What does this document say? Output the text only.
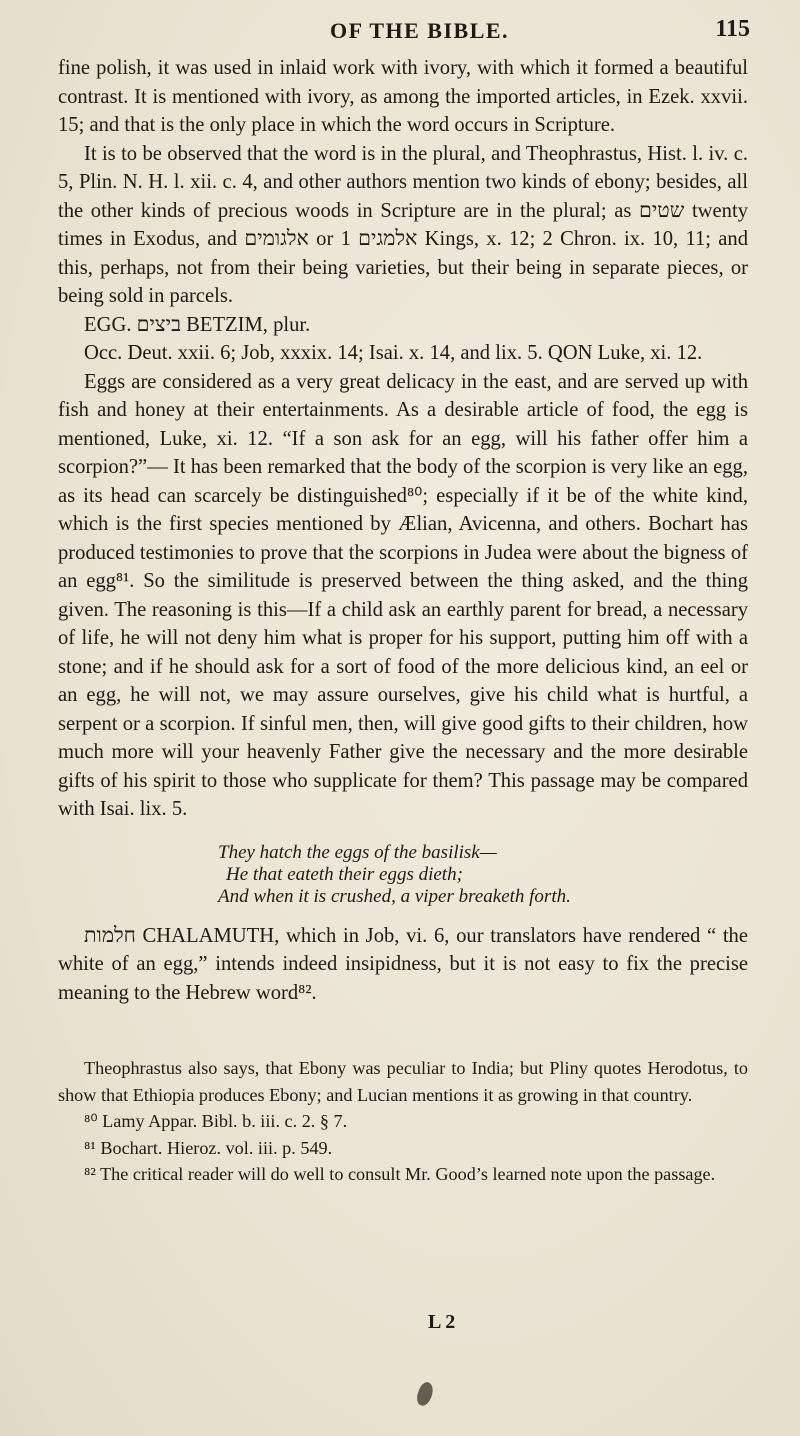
OF THE BIBLE.	115

fine polish, it was used in inlaid work with ivory, with which it formed a beautiful contrast. It is mentioned with ivory, as among the imported articles, in Ezek. xxvii. 15; and that is the only place in which the word occurs in Scripture.

It is to be observed that the word is in the plural, and Theophrastus, Hist. l. iv. c. 5, Plin. N. H. l. xii. c. 4, and other authors mention two kinds of ebony; besides, all the other kinds of precious woods in Scripture are in the plural; as שטים twenty times in Exodus, and אלגומים or אלמגים 1 Kings, x. 12; 2 Chron. ix. 10, 11; and this, perhaps, not from their being varieties, but their being in separate pieces, or being sold in parcels.

EGG. ביצים BETZIM, plur.

Occ. Deut. xxii. 6; Job, xxxix. 14; Isai. x. 14, and lix. 5. QON Luke, xi. 12.

Eggs are considered as a very great delicacy in the east, and are served up with fish and honey at their entertainments. As a desirable article of food, the egg is mentioned, Luke, xi. 12. “If a son ask for an egg, will his father offer him a scorpion?”— It has been remarked that the body of the scorpion is very like an egg, as its head can scarcely be distinguished⁸⁰; especially if it be of the white kind, which is the first species mentioned by Ælian, Avicenna, and others. Bochart has produced testimonies to prove that the scorpions in Judea were about the bigness of an egg⁸¹. So the similitude is preserved between the thing asked, and the thing given. The reasoning is this—If a child ask an earthly parent for bread, a necessary of life, he will not deny him what is proper for his support, putting him off with a stone; and if he should ask for a sort of food of the more delicious kind, an eel or an egg, he will not, we may assure ourselves, give his child what is hurtful, a serpent or a scorpion. If sinful men, then, will give good gifts to their children, how much more will your heavenly Father give the necessary and the more desirable gifts of his spirit to those who supplicate for them? This passage may be compared with Isai. lix. 5.

They hatch the eggs of the basilisk—
He that eateth their eggs dieth;
And when it is crushed, a viper breaketh forth.

חלמות CHALAMUTH, which in Job, vi. 6, our translators have rendered “ the white of an egg,” intends indeed insipidness, but it is not easy to fix the precise meaning to the Hebrew word⁸².

Theophrastus also says, that Ebony was peculiar to India; but Pliny quotes Herodotus, to show that Ethiopia produces Ebony; and Lucian mentions it as growing in that country.

⁸⁰ Lamy Appar. Bibl. b. iii. c. 2. § 7.

⁸¹ Bochart. Hieroz. vol. iii. p. 549.

⁸² The critical reader will do well to consult Mr. Good’s learned note upon the passage.

L 2
